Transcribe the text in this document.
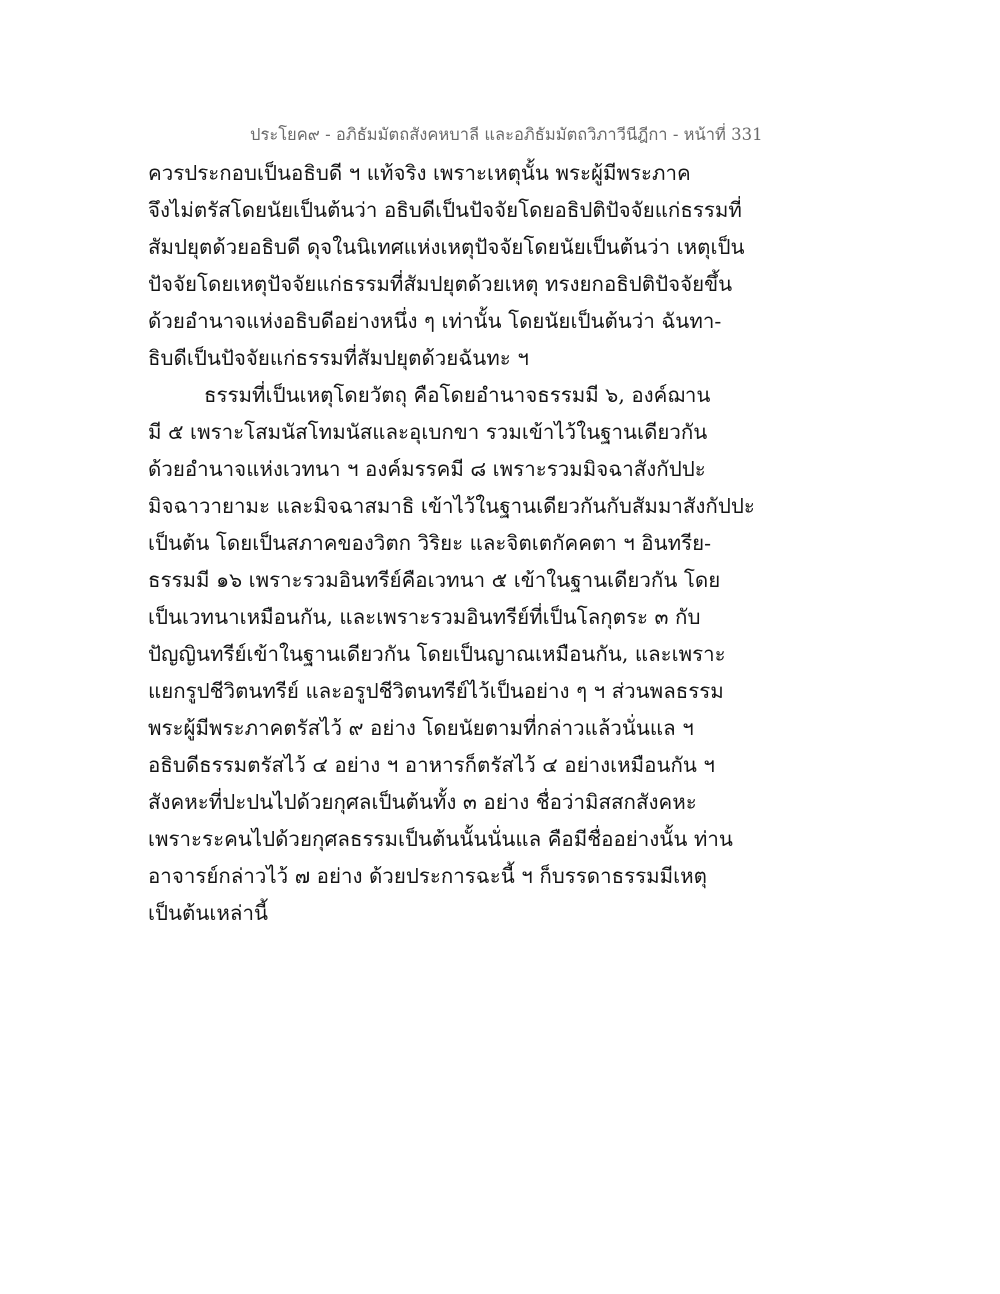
ประโยค๙ - อภิธัมมัตถสังคหบาลี และอภิธัมมัตถวิภาวีนีฎีกา - หน้าที่ 331
ควรประกอบเป็นอธิบดี ฯ แท้จริง เพราะเหตุนั้น พระผู้มีพระภาค
จึงไม่ตรัสโดยนัยเป็นต้นว่า อธิบดีเป็นปัจจัยโดยอธิปติปัจจัยแก่ธรรมที่
สัมปยุตด้วยอธิบดี ดุจในนิเทศแห่งเหตุปัจจัยโดยนัยเป็นต้นว่า เหตุเป็น
ปัจจัยโดยเหตุปัจจัยแก่ธรรมที่สัมปยุตด้วยเหตุ ทรงยกอธิปติปัจจัยขึ้น
ด้วยอำนาจแห่งอธิบดีอย่างหนึ่ง ๆ เท่านั้น โดยนัยเป็นต้นว่า ฉันทา-
ธิบดีเป็นปัจจัยแก่ธรรมที่สัมปยุตด้วยฉันทะ ฯ
ธรรมที่เป็นเหตุโดยวัตถุ คือโดยอำนาจธรรมมี ๖, องค์ฌาน
มี ๕ เพราะโสมนัสโทมนัสและอุเบกขา รวมเข้าไว้ในฐานเดียวกัน
ด้วยอำนาจแห่งเวทนา ฯ องค์มรรคมี ๘ เพราะรวมมิจฉาสังกัปปะ
มิจฉาวายามะ และมิจฉาสมาธิ เข้าไว้ในฐานเดียวกันกับสัมมาสังกัปปะ
เป็นต้น โดยเป็นสภาคของวิตก วิริยะ และจิตเตกัคคตา ฯ อินทรีย-
ธรรมมี ๑๖ เพราะรวมอินทรีย์คือเวทนา ๕ เข้าในฐานเดียวกัน โดย
เป็นเวทนาเหมือนกัน, และเพราะรวมอินทรีย์ที่เป็นโลกุตระ ๓ กับ
ปัญญินทรีย์เข้าในฐานเดียวกัน โดยเป็นญาณเหมือนกัน, และเพราะ
แยกรูปชีวิตนทรีย์ และอรูปชีวิตนทรีย์ไว้เป็นอย่าง ๆ ฯ ส่วนพลธรรม
พระผู้มีพระภาคตรัสไว้ ๙ อย่าง โดยนัยตามที่กล่าวแล้วนั่นแล ฯ
อธิบดีธรรมตรัสไว้ ๔ อย่าง ฯ อาหารก็ตรัสไว้ ๔ อย่างเหมือนกัน ฯ
สังคหะที่ปะปนไปด้วยกุศลเป็นต้นทั้ง ๓ อย่าง ชื่อว่ามิสสกสังคหะ
เพราะระคนไปด้วยกุศลธรรมเป็นต้นนั้นนั่นแล คือมีชื่ออย่างนั้น ท่าน
อาจารย์กล่าวไว้ ๗ อย่าง ด้วยประการฉะนี้ ฯ ก็บรรดาธรรมมีเหตุ
เป็นต้นเหล่านี้
